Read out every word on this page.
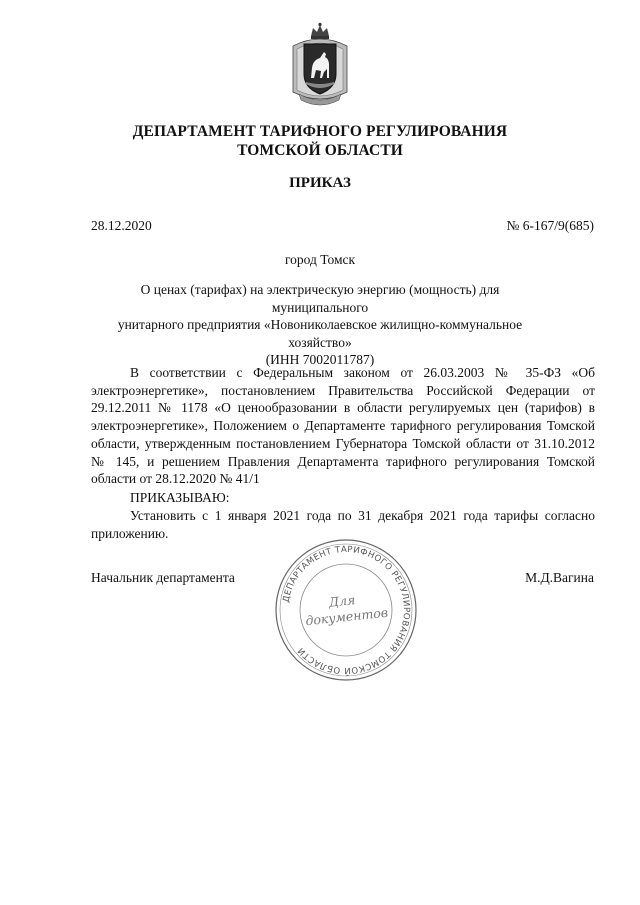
ДЕПАРТАМЕНТ ТАРИФНОГО РЕГУЛИРОВАНИЯ
ТОМСКОЙ ОБЛАСТИ
ПРИКАЗ
28.12.2020	№ 6-167/9(685)
город Томск
О ценах (тарифах) на электрическую энергию (мощность) для муниципального
унитарного предприятия «Новониколаевское жилищно-коммунальное хозяйство»
(ИНН 7002011787)

В соответствии с Федеральным законом от 26.03.2003 № 35-ФЗ «Об электроэнергетике», постановлением Правительства Российской Федерации от 29.12.2011 № 1178 «О ценообразовании в области регулируемых цен (тарифов) в электроэнергетике», Положением о Департаменте тарифного регулирования Томской области, утвержденным постановлением Губернатора Томской области от 31.10.2012 № 145, и решением Правления Департамента тарифного регулирования Томской области от 28.12.2020 № 41/1

ПРИКАЗЫВАЮ:

Установить с 1 января 2021 года по 31 декабря 2021 года тарифы согласно приложению.

Начальник департамента	М.Д.Вагина
ДЕПАРТАМЕНТ ТАРИФНОГО РЕГУЛИРОВАНИЯ ТОМСКОЙ ОБЛАСТИ
Для
документов
